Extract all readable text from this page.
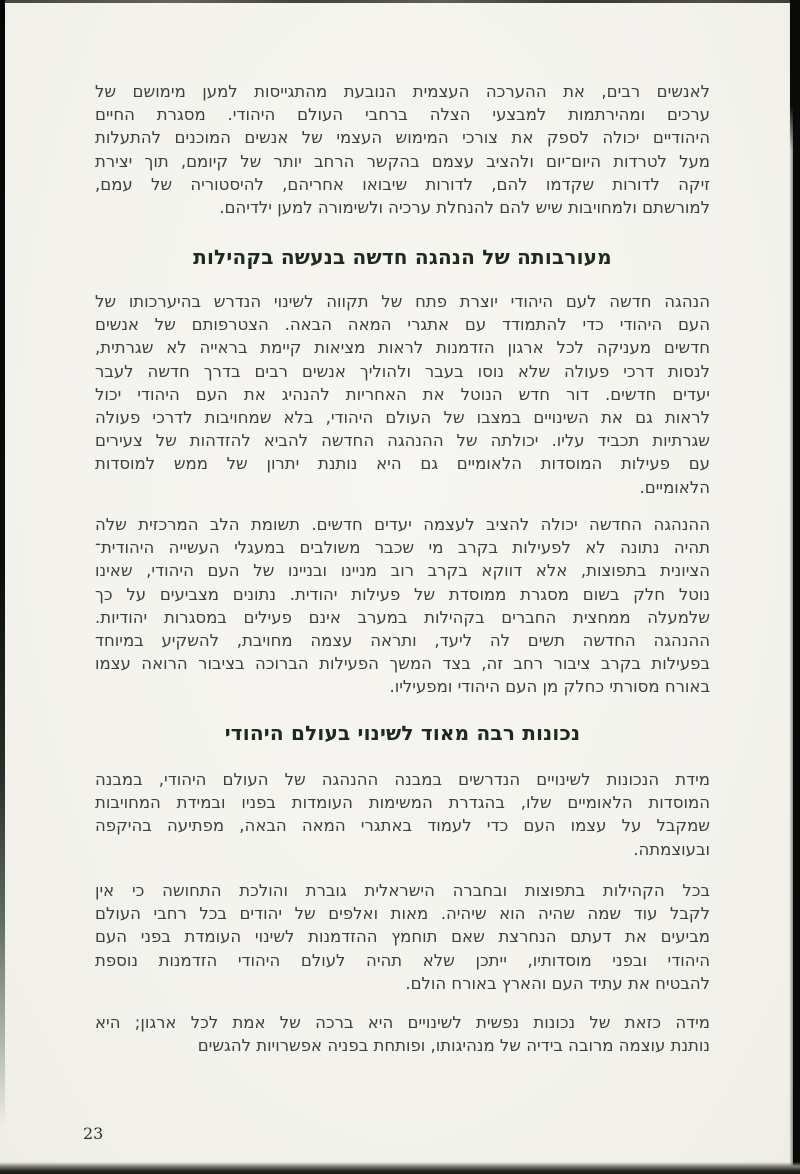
לאנשים רבים, את ההערכה העצמית הנובעת מהתגייסות למען מימושם של
ערכים ומהירתמות למבצעי הצלה ברחבי העולם היהודי. מסגרת החיים
היהודיים יכולה לספק את צורכי המימוש העצמי של אנשים המוכנים להתעלות
מעל לטרדות היום־יום ולהציב עצמם בהקשר הרחב יותר של קיומם, תוך יצירת
זיקה לדורות שקדמו להם, לדורות שיבואו אחריהם, להיסטוריה של עמם,
למורשתם ולמחויבות שיש להם להנחלת ערכיה ולשימורה למען ילדיהם.

מעורבותה של הנהגה חדשה בנעשה בקהילות

הנהגה חדשה לעם היהודי יוצרת פתח של תקווה לשינוי הנדרש בהיערכותו של
העם היהודי כדי להתמודד עם אתגרי המאה הבאה. הצטרפותם של אנשים
חדשים מעניקה לכל ארגון הזדמנות לראות מציאות קיימת בראייה לא שגרתית,
לנסות דרכי פעולה שלא נוסו בעבר ולהוליך אנשים רבים בדרך חדשה לעבר
יעדים חדשים. דור חדש הנוטל את האחריות להנהיג את העם היהודי יכול
לראות גם את השינויים במצבו של העולם היהודי, בלא שמחויבות לדרכי פעולה
שגרתיות תכביד עליו. יכולתה של ההנהגה החדשה להביא להזדהות של צעירים
עם פעילות המוסדות הלאומיים גם היא נותנת יתרון של ממש למוסדות
הלאומיים.

ההנהגה החדשה יכולה להציב לעצמה יעדים חדשים. תשומת הלב המרכזית שלה
תהיה נתונה לא לפעילות בקרב מי שכבר משולבים במעגלי העשייה היהודית־
הציונית בתפוצות, אלא דווקא בקרב רוב מניינו ובניינו של העם היהודי, שאינו
נוטל חלק בשום מסגרת ממוסדת של פעילות יהודית. נתונים מצביעים על כך
שלמעלה ממחצית החברים בקהילות במערב אינם פעילים במסגרות יהודיות.
ההנהגה החדשה תשים לה ליעד, ותראה עצמה מחויבת, להשקיע במיוחד
בפעילות בקרב ציבור רחב זה, בצד המשך הפעילות הברוכה בציבור הרואה עצמו
באורח מסורתי כחלק מן העם היהודי ומפעיליו.

נכונות רבה מאוד לשינוי בעולם היהודי

מידת הנכונות לשינויים הנדרשים במבנה ההנהגה של העולם היהודי, במבנה
המוסדות הלאומיים שלו, בהגדרת המשימות העומדות בפניו ובמידת המחויבות
שמקבל על עצמו העם כדי לעמוד באתגרי המאה הבאה, מפתיעה בהיקפה
ובעוצמתה.

בכל הקהילות בתפוצות ובחברה הישראלית גוברת והולכת התחושה כי אין
לקבל עוד שמה שהיה הוא שיהיה. מאות ואלפים של יהודים בכל רחבי העולם
מביעים את דעתם הנחרצת שאם תוחמץ ההזדמנות לשינוי העומדת בפני העם
היהודי ובפני מוסדותיו, ייתכן שלא תהיה לעולם היהודי הזדמנות נוספת
להבטיח את עתיד העם והארץ באורח הולם.

מידה כזאת של נכונות נפשית לשינויים היא ברכה של אמת לכל ארגון; היא
נותנת עוצמה מרובה בידיה של מנהיגותו, ופותחת בפניה אפשרויות להגשים

23
